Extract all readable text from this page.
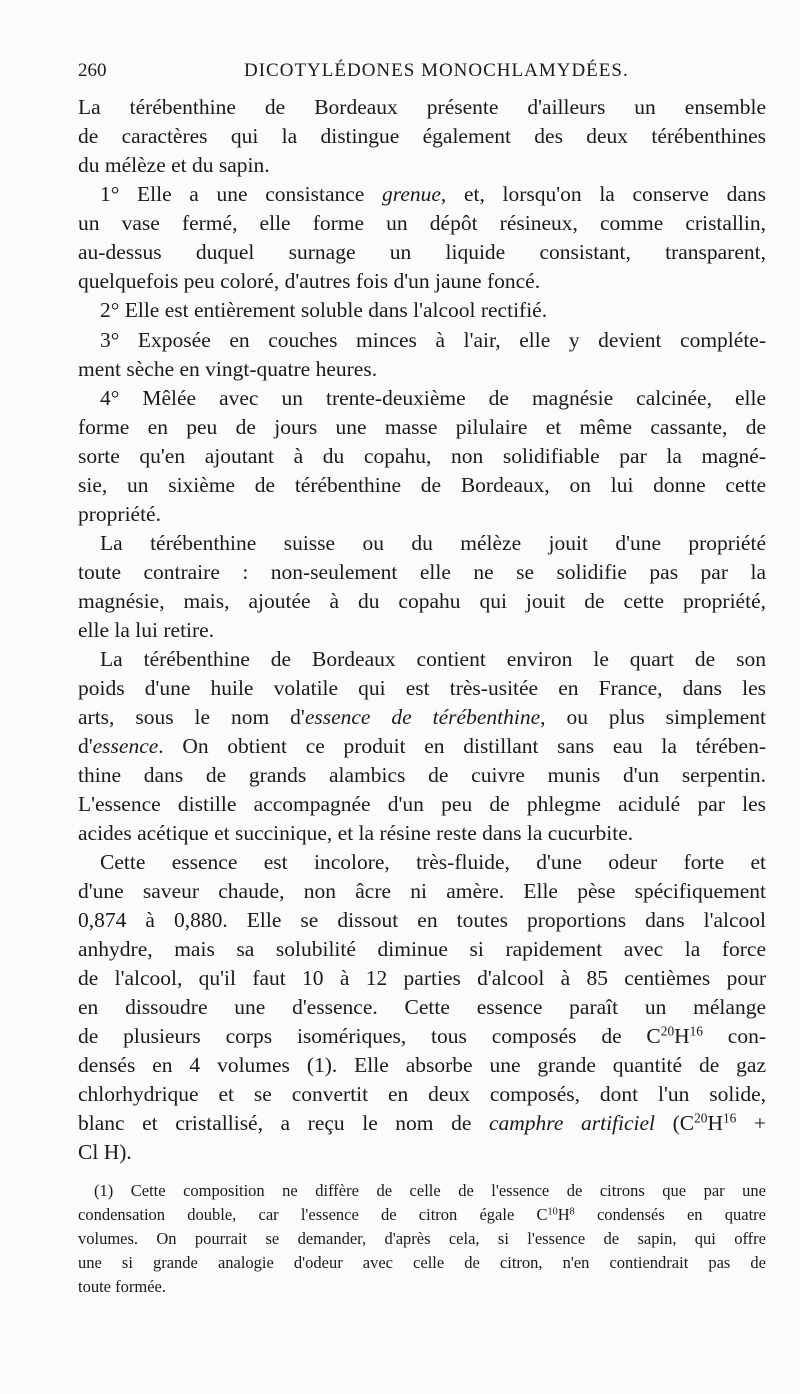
260	DICOTYLÉDONES MONOCHLAMYDÉES.
La térébenthine de Bordeaux présente d'ailleurs un ensemble
de caractères qui la distingue également des deux térébenthines
du mélèze et du sapin.
1° Elle a une consistance grenue, et, lorsqu'on la conserve dans
un vase fermé, elle forme un dépôt résineux, comme cristallin,
au-dessus duquel surnage un liquide consistant, transparent,
quelquefois peu coloré, d'autres fois d'un jaune foncé.
2° Elle est entièrement soluble dans l'alcool rectifié.
3° Exposée en couches minces à l'air, elle y devient compléte-
ment sèche en vingt-quatre heures.
4° Mêlée avec un trente-deuxième de magnésie calcinée, elle
forme en peu de jours une masse pilulaire et même cassante, de
sorte qu'en ajoutant à du copahu, non solidifiable par la magné-
sie, un sixième de térébenthine de Bordeaux, on lui donne cette
propriété.
La térébenthine suisse ou du mélèze jouit d'une propriété
toute contraire : non-seulement elle ne se solidifie pas par la
magnésie, mais, ajoutée à du copahu qui jouit de cette propriété,
elle la lui retire.
La térébenthine de Bordeaux contient environ le quart de son
poids d'une huile volatile qui est très-usitée en France, dans les
arts, sous le nom d'essence de térébenthine, ou plus simplement
d'essence. On obtient ce produit en distillant sans eau la térében-
thine dans de grands alambics de cuivre munis d'un serpentin.
L'essence distille accompagnée d'un peu de phlegme acidulé par les
acides acétique et succinique, et la résine reste dans la cucurbite.
Cette essence est incolore, très-fluide, d'une odeur forte et
d'une saveur chaude, non âcre ni amère. Elle pèse spécifiquement
0,874 à 0,880. Elle se dissout en toutes proportions dans l'alcool
anhydre, mais sa solubilité diminue si rapidement avec la force
de l'alcool, qu'il faut 10 à 12 parties d'alcool à 85 centièmes pour
en dissoudre une d'essence. Cette essence paraît un mélange
de plusieurs corps isomériques, tous composés de $C^{20}H^{16}$ con-
densés en 4 volumes (1). Elle absorbe une grande quantité de gaz
chlorhydrique et se convertit en deux composés, dont l'un solide,
blanc et cristallisé, a reçu le nom de camphre artificiel ($C^{20}H^{16}$ +
Cl H).
(1) Cette composition ne diffère de celle de l'essence de citrons que par une
condensation double, car l'essence de citron égale $C^{10}H^8$ condensés en quatre
volumes. On pourrait se demander, d'après cela, si l'essence de sapin, qui offre
une si grande analogie d'odeur avec celle de citron, n'en contiendrait pas de
toute formée.
